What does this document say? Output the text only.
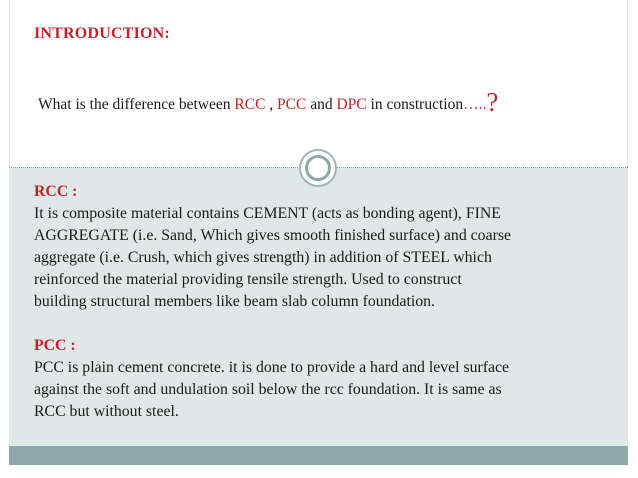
INTRODUCTION:
What is the difference between RCC , PCC and DPC in construction…..?
RCC :

It is composite material contains CEMENT (acts as bonding agent), FINE

AGGREGATE (i.e. Sand, Which gives smooth finished surface) and coarse

aggregate (i.e. Crush, which gives strength) in addition of STEEL which

reinforced the material providing tensile strength. Used to construct

building structural members like beam slab column foundation.

PCC :

PCC is plain cement concrete. it is done to provide a hard and level surface

against the soft and undulation soil below the rcc foundation. It is same as

RCC but without steel.
